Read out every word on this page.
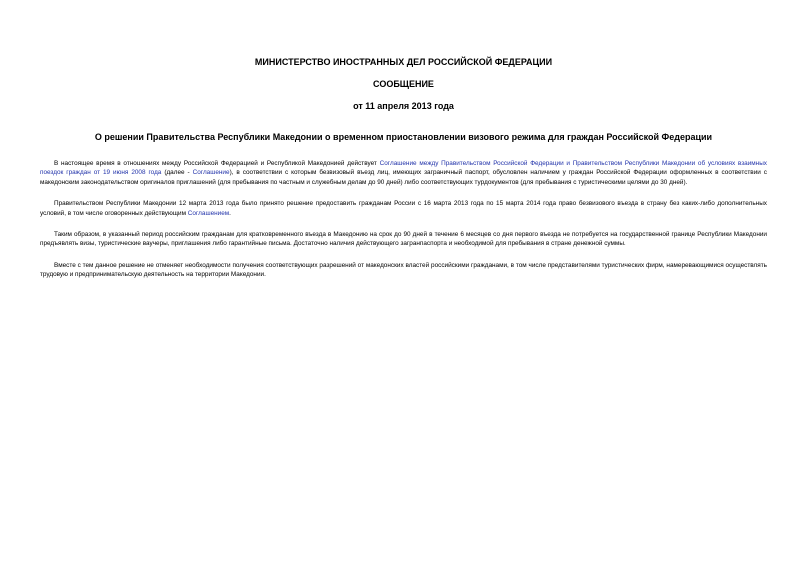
МИНИСТЕРСТВО ИНОСТРАННЫХ ДЕЛ РОССИЙСКОЙ ФЕДЕРАЦИИ
СООБЩЕНИЕ
от 11 апреля 2013 года
О решении Правительства Республики Македонии о временном приостановлении визового режима для граждан Российской Федерации

В настоящее время в отношениях между Российской Федерацией и Республикой Македонией действует Соглашение между Правительством Российской Федерации и Правительством Республики Македонии об условиях взаимных поездок граждан от 19 июня 2008 года (далее - Соглашение), в соответствии с которым безвизовый въезд лиц, имеющих заграничный паспорт, обусловлен наличием у граждан Российской Федерации оформленных в соответствии с македонским законодательством оригиналов приглашений (для пребывания по частным и служебным делам до 90 дней) либо соответствующих турдокументов (для пребывания с туристическими целями до 30 дней).

Правительством Республики Македонии 12 марта 2013 года было принято решение предоставить гражданам России с 16 марта 2013 года по 15 марта 2014 года право безвизового въезда в страну без каких-либо дополнительных условий, в том числе оговоренных действующим Соглашением.

Таким образом, в указанный период российским гражданам для кратковременного въезда в Македонию на срок до 90 дней в течение 6 месяцев со дня первого въезда не потребуется на государственной границе Республики Македонии предъявлять визы, туристические ваучеры, приглашения либо гарантийные письма. Достаточно наличия действующего загранпаспорта и необходимой для пребывания в стране денежной суммы.

Вместе с тем данное решение не отменяет необходимости получения соответствующих разрешений от македонских властей российскими гражданами, в том числе представителями туристических фирм, намеревающимися осуществлять трудовую и предпринимательскую деятельность на территории Македонии.
